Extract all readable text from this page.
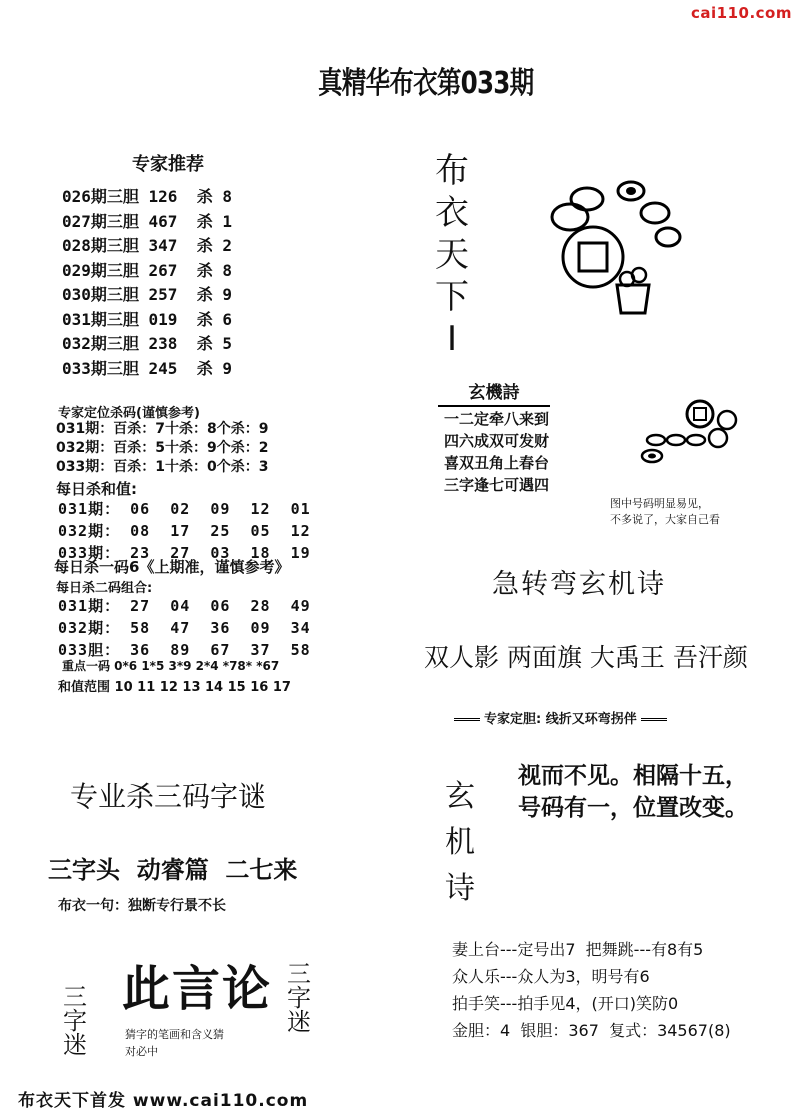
cai110.com
真精华布衣第033期
专家推荐
026期三胆 126  杀 8
027期三胆 467  杀 1
028期三胆 347  杀 2
029期三胆 267  杀 8
030期三胆 257  杀 9
031期三胆 019  杀 6
032期三胆 238  杀 5
033期三胆 245  杀 9
专家定位杀码(谨慎参考)
031期：百杀：7十杀：8个杀：9
032期：百杀：5十杀：9个杀：2
033期：百杀：1十杀：0个杀：3
每日杀和值:
031期： 06  02  09  12  01
032期： 08  17  25  05  12
033期： 23  27  03  18  19
每日杀一码6《上期准，谨慎参考》
每日杀二码组合:
031期： 27  04  06  28  49
032期： 58  47  36  09  34
033胆： 36  89  67  37  58
重点一码 0*6 1*5 3*9 2*4 *78* *67
和值范围 10 11 12 13 14 15 16 17
专业杀三码字谜
三字头  动睿篇  二七来
布衣一句：独断专行景不长
三
字
迷
此言论 三
字
迷
猜字的笔画和含义猜
对必中
布衣天下首发 www.cai110.com
布
衣
天
下
I
玄機詩
一二定牵八来到
四六成双可发财
喜双丑角上春台
三字逢七可遇四
图中号码明显易见，
不多说了，大家自己看
急转弯玄机诗
双人影 两面旗 大禹王 吾汗颜
专家定胆: 线折又环弯拐伴
玄
机
诗
视而不见。相隔十五，
号码有一，位置改变。
妻上台---定号出7  把舞跳---有8有5
众人乐---众人为3，明号有6
拍手笑---拍手见4，(开口)笑防0
金胆：4  银胆：367  复式：34567(8)
